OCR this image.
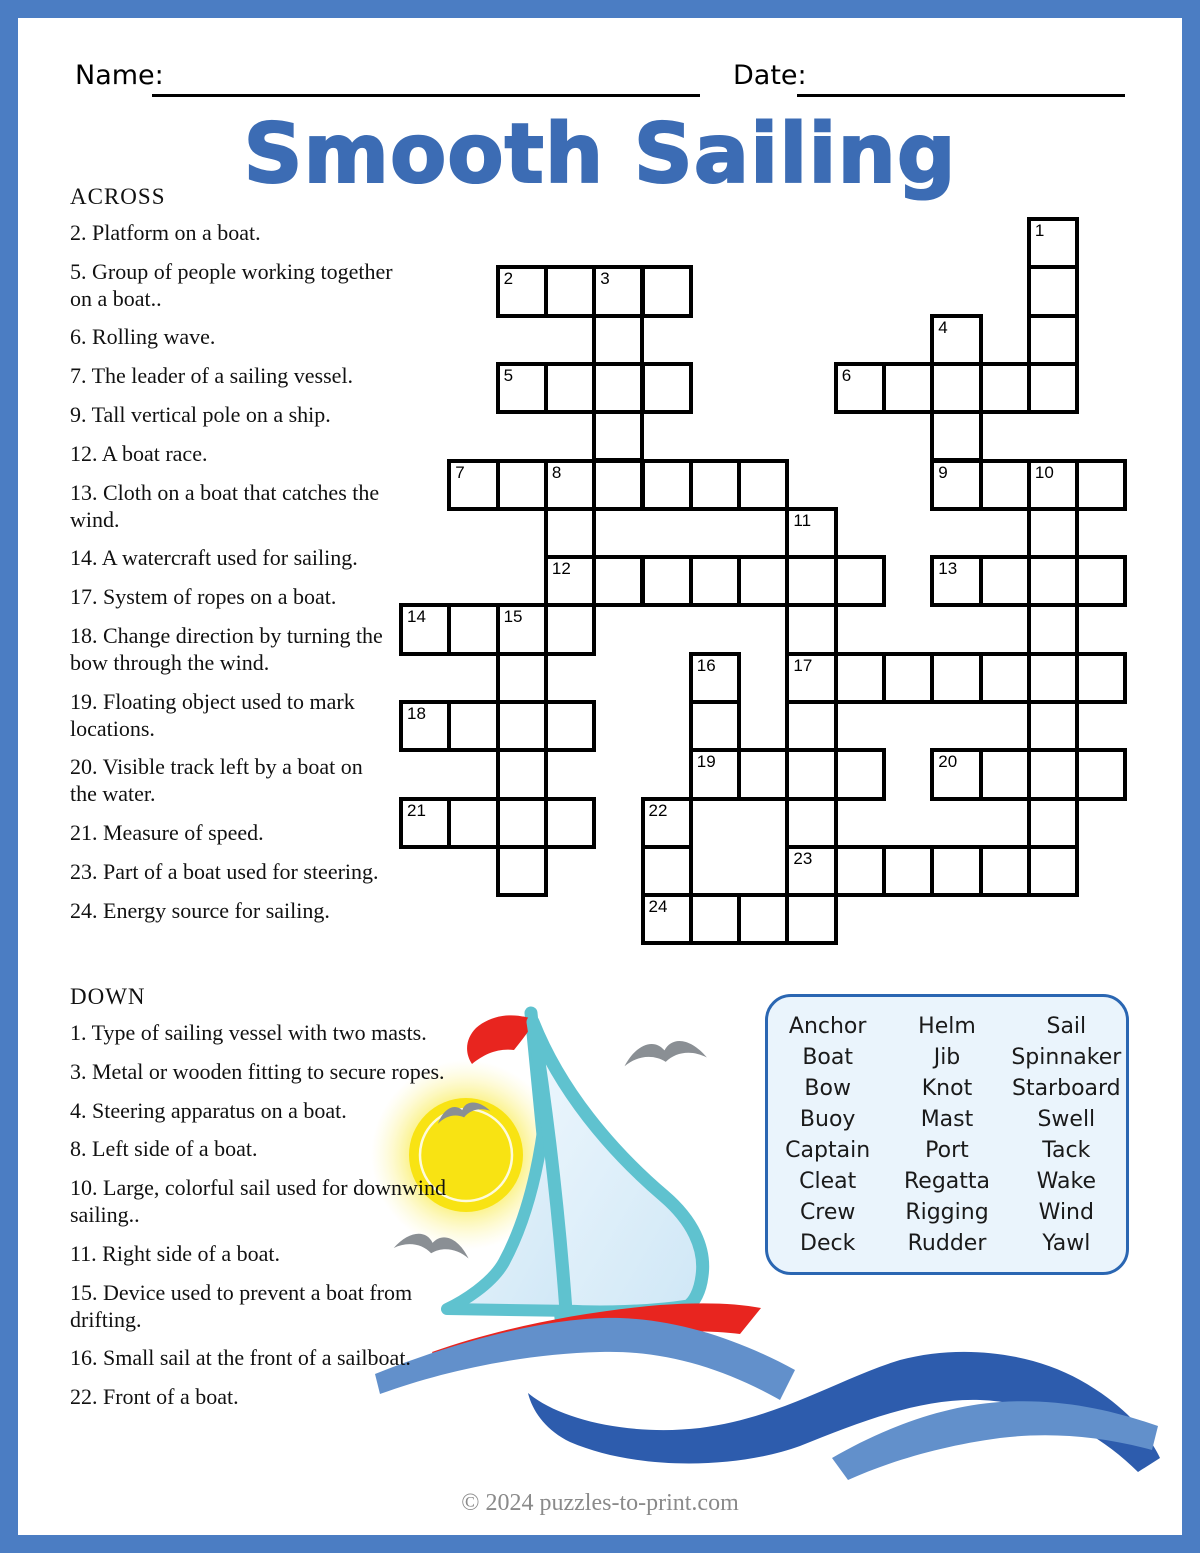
Name:	Date:
Smooth Sailing
ACROSS

2. Platform on a boat.

5. Group of people working together on a boat..

6. Rolling wave.

7. The leader of a sailing vessel.

9. Tall vertical pole on a ship.

12. A boat race.

13. Cloth on a boat that catches the wind.

14. A watercraft used for sailing.

17. System of ropes on a boat.

18. Change direction by turning the bow through the wind.

19. Floating object used to mark locations.

20. Visible track left by a boat on the water.

21. Measure of speed.

23. Part of a boat used for steering.

24. Energy source for sailing.

DOWN

1. Type of sailing vessel with two masts.

3. Metal or wooden fitting to secure ropes.

4. Steering apparatus on a boat.

8. Left side of a boat.

10. Large, colorful sail used for downwind sailing..

11. Right side of a boat.

15. Device used to prevent a boat from drifting.

16. Small sail at the front of a sailboat.

22. Front of a boat.

1
2	3
4
5	6
7	8	9	10
11
12	13
14	15
16	17
18
19	20
21	22
23
24
Anchor
Boat
Bow
Buoy
Captain
Cleat
Crew
Deck
Helm
Jib
Knot
Mast
Port
Regatta
Rigging
Rudder
Sail
Spinnaker
Starboard
Swell
Tack
Wake
Wind
Yawl
© 2024 puzzles-to-print.com
